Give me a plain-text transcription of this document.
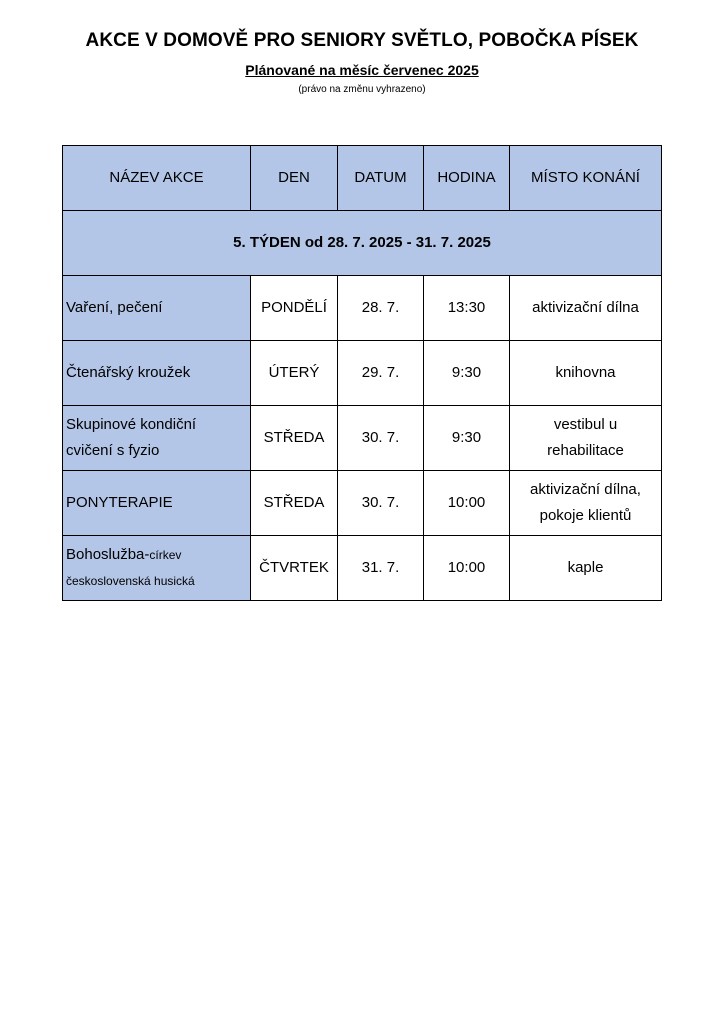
AKCE V DOMOVĚ PRO SENIORY SVĚTLO, POBOČKA PÍSEK
Plánované na měsíc červenec 2025
(právo na změnu vyhrazeno)
NÁZEV AKCE	DEN	DATUM	HODINA	MÍSTO KONÁNÍ
5. TÝDEN od 28. 7. 2025 - 31. 7. 2025				
Vaření, pečení	PONDĚLÍ	28. 7.	13:30	aktivizační dílna
Čtenářský kroužek	ÚTERÝ	29. 7.	9:30	knihovna
Skupinové kondiční
cvičení s fyzio	STŘEDA	30. 7.	9:30	vestibul u
rehabilitace
PONYTERAPIE	STŘEDA	30. 7.	10:00	aktivizační dílna,
pokoje klientů
Bohoslužba-církev
československá husická	ČTVRTEK	31. 7.	10:00	kaple
